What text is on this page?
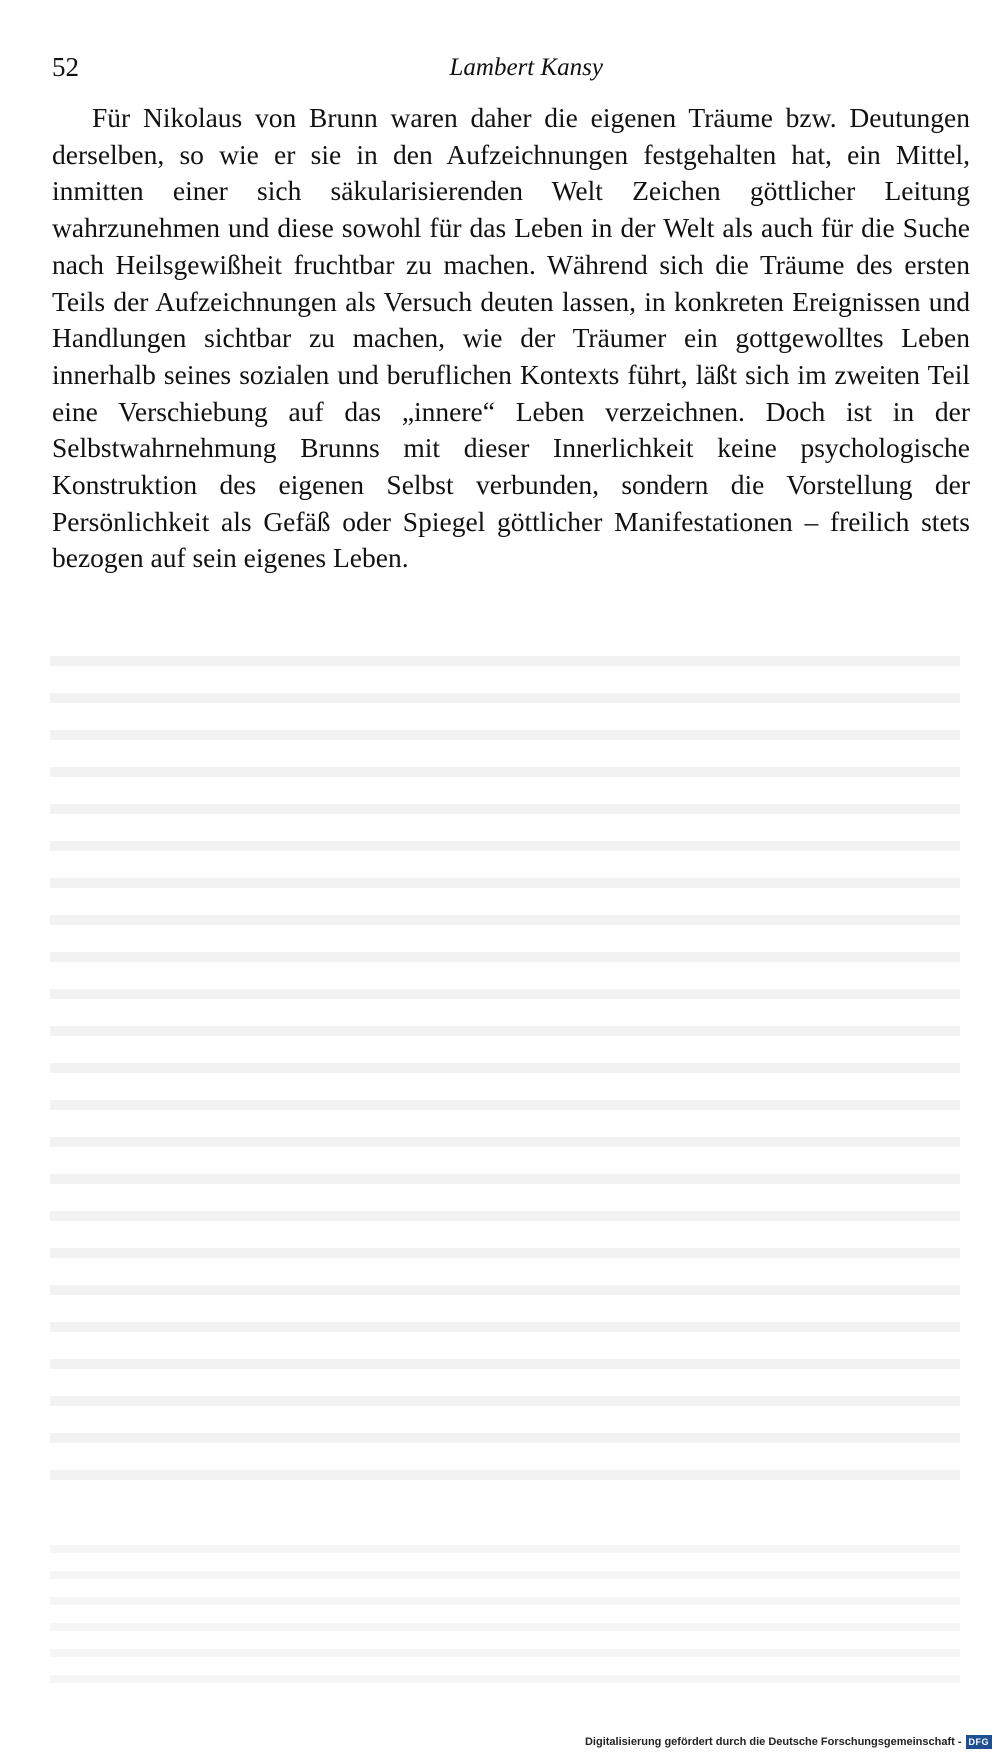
52	Lambert Kansy

Für Nikolaus von Brunn waren daher die eigenen Träume bzw. Deutungen derselben, so wie er sie in den Aufzeichnungen festgehalten hat, ein Mittel, inmitten einer sich säkularisierenden Welt Zeichen göttlicher Leitung wahrzunehmen und diese sowohl für das Leben in der Welt als auch für die Suche nach Heilsgewißheit fruchtbar zu machen. Während sich die Träume des ersten Teils der Aufzeichnungen als Versuch deuten lassen, in konkreten Ereignissen und Handlungen sichtbar zu machen, wie der Träumer ein gottgewolltes Leben innerhalb seines sozialen und beruflichen Kontexts führt, läßt sich im zweiten Teil eine Verschiebung auf das „innere“ Leben verzeichnen. Doch ist in der Selbstwahrnehmung Brunns mit dieser Innerlichkeit keine psychologische Konstruktion des eigenen Selbst verbunden, sondern die Vorstellung der Persönlichkeit als Gefäß oder Spiegel göttlicher Manifestationen – freilich stets bezogen auf sein eigenes Leben.

Digitalisierung gefördert durch die Deutsche Forschungsgemeinschaft - DFG
